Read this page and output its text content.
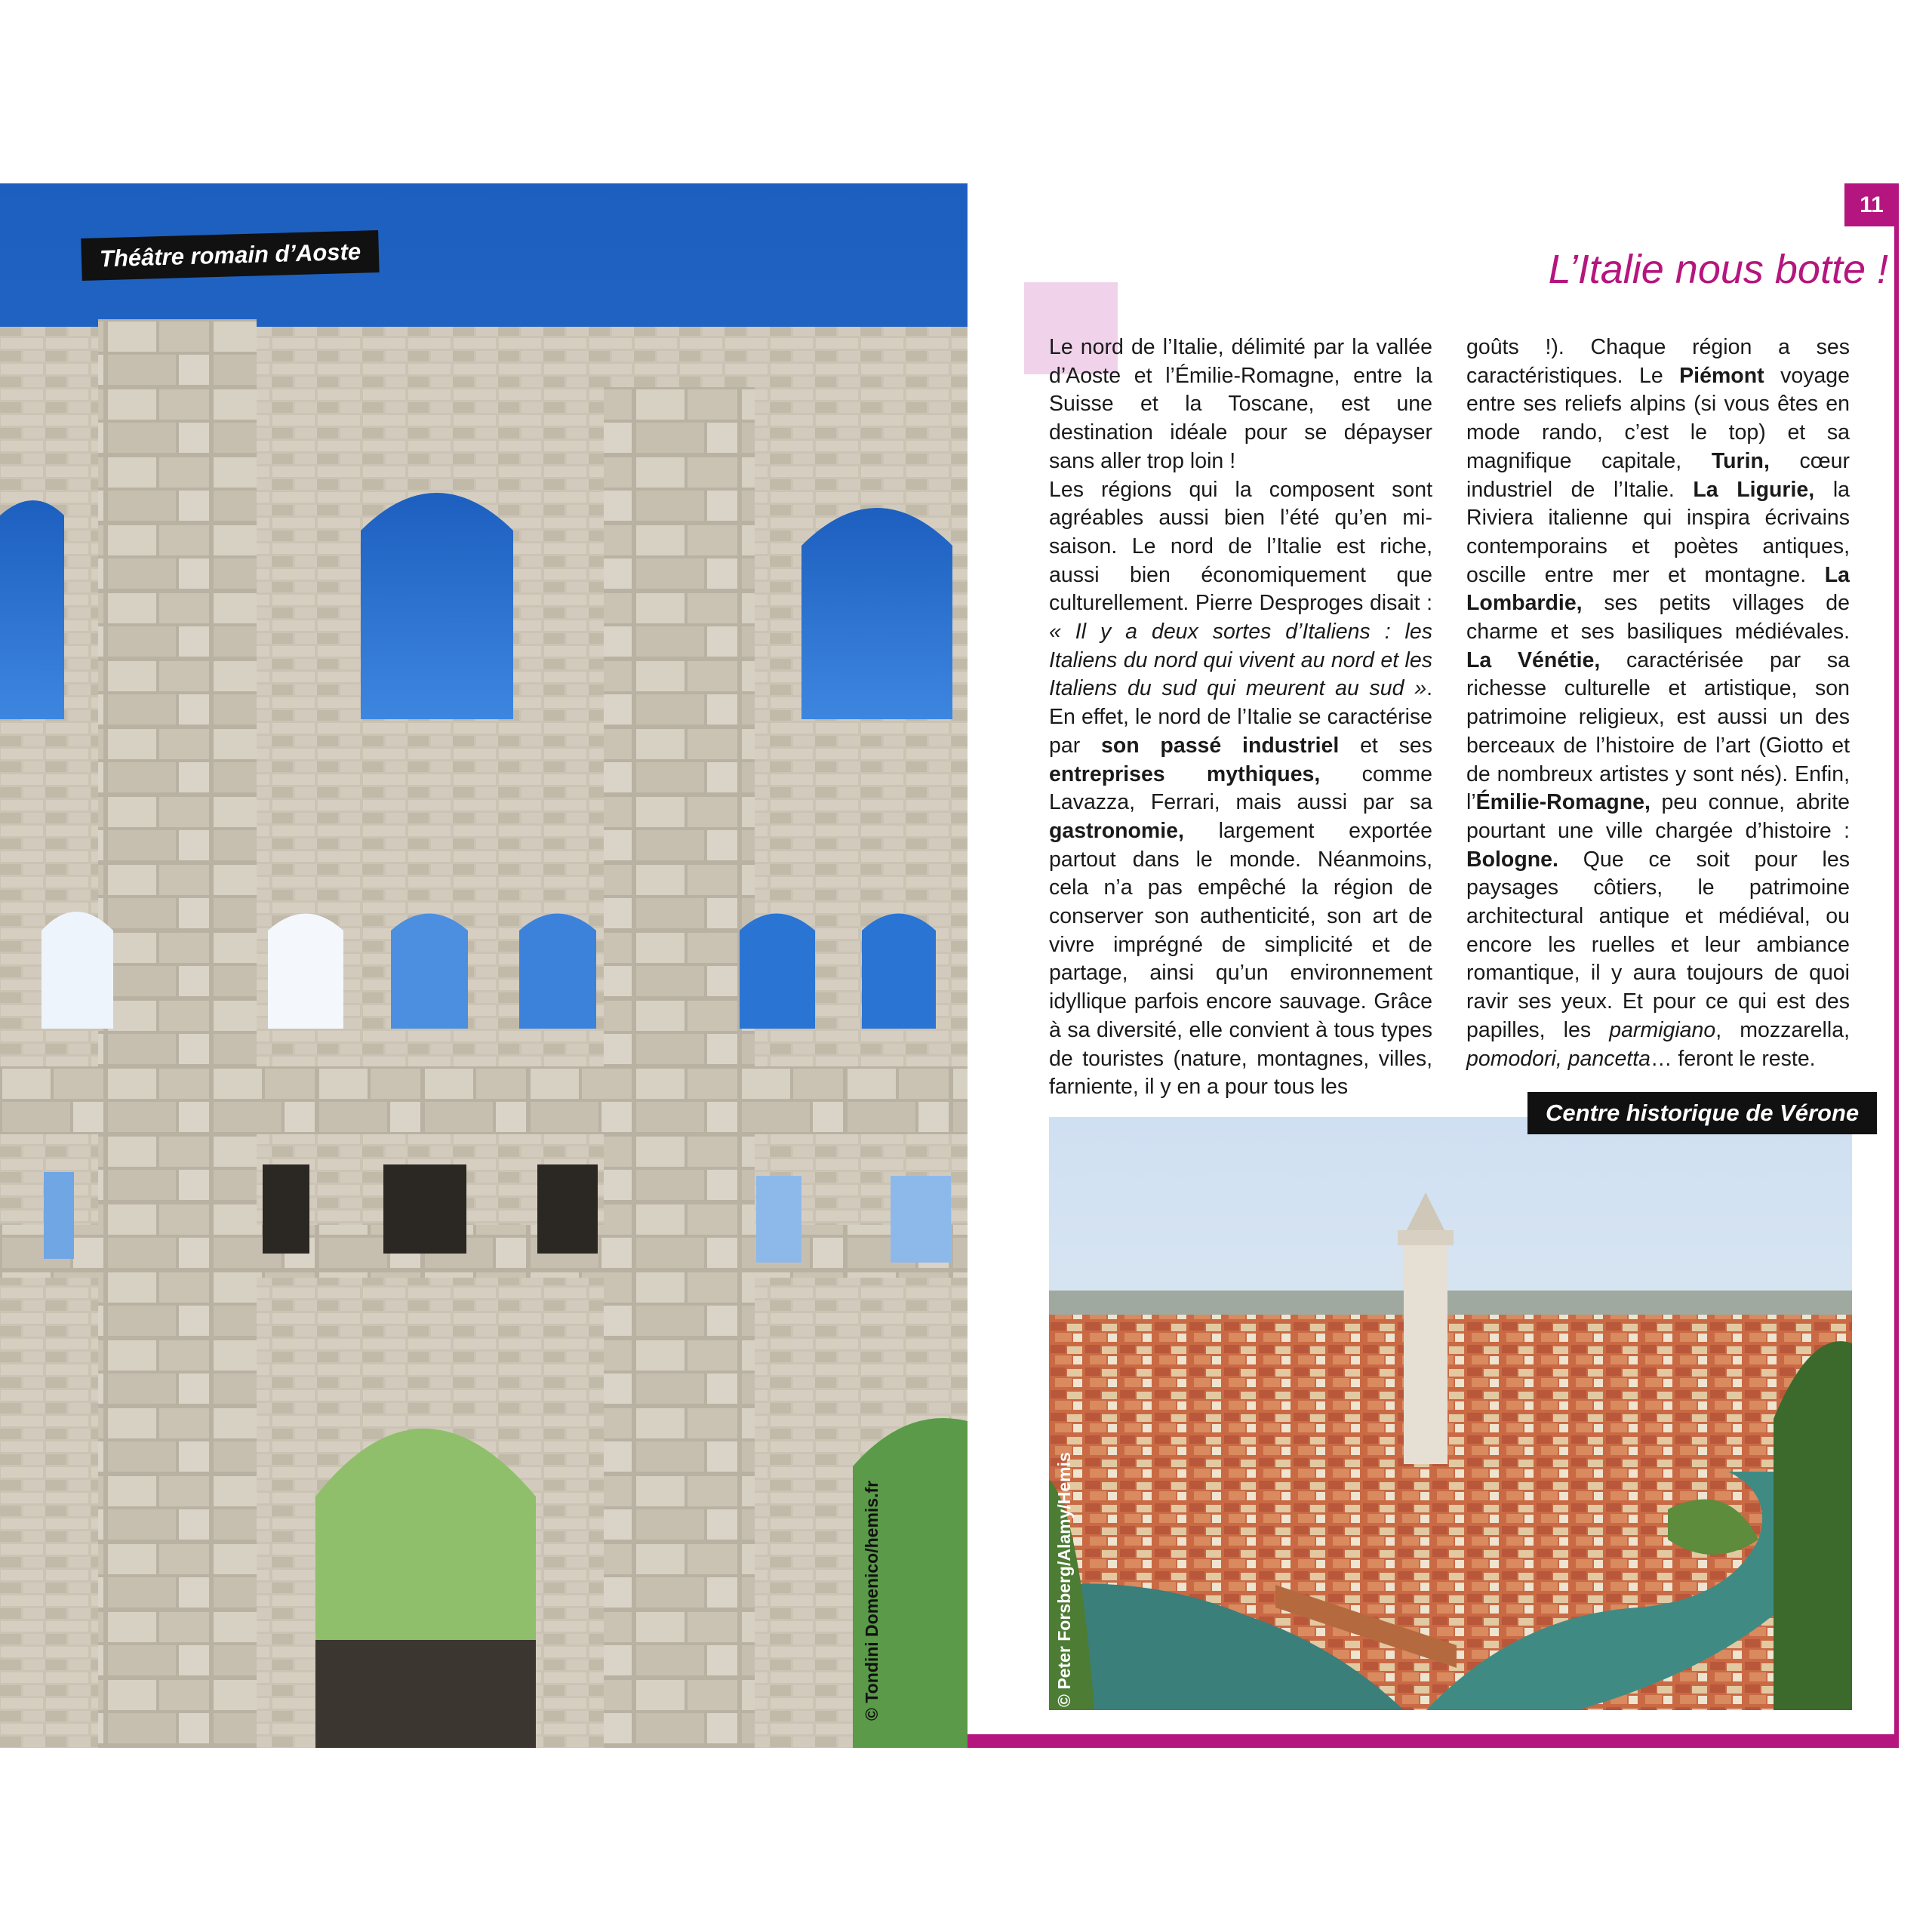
Théâtre romain d’Aoste
© Tondini Domenico/hemis.fr
11
L’Italie nous botte !

Le nord de l’Italie, délimité par la vallée d’Aoste et l’Émilie-Romagne, entre la Suisse et la Toscane, est une destination idéale pour se dépayser sans aller trop loin !
Les régions qui la composent sont agréables aussi bien l’été qu’en mi-saison. Le nord de l’Italie est riche, aussi bien économiquement que culturellement. Pierre Desproges disait : « Il y a deux sortes d’Italiens : les Italiens du nord qui vivent au nord et les Italiens du sud qui meurent au sud ». En effet, le nord de l’Italie se caractérise par son passé industriel et ses entreprises mythiques, comme Lavazza, Ferrari, mais aussi par sa gastronomie, largement exportée partout dans le monde. Néanmoins, cela n’a pas empêché la région de conserver son authenticité, son art de vivre imprégné de simplicité et de partage, ainsi qu’un environnement idyllique parfois encore sauvage. Grâce à sa diversité, elle convient à tous types de touristes (nature, montagnes, villes, farniente, il y en a pour tous les

goûts !). Chaque région a ses caractéristiques. Le Piémont voyage entre ses reliefs alpins (si vous êtes en mode rando, c’est le top) et sa magnifique capitale, Turin, cœur industriel de l’Italie. La Ligurie, la Riviera italienne qui inspira écrivains contemporains et poètes antiques, oscille entre mer et montagne. La Lombardie, ses petits villages de charme et ses basiliques médiévales. La Vénétie, caractérisée par sa richesse culturelle et artistique, son patrimoine religieux, est aussi un des berceaux de l’histoire de l’art (Giotto et de nombreux artistes y sont nés). Enfin, l’Émilie-Romagne, peu connue, abrite pourtant une ville chargée d’histoire : Bologne. Que ce soit pour les paysages côtiers, le patrimoine architectural antique et médiéval, ou encore les ruelles et leur ambiance romantique, il y aura toujours de quoi ravir ses yeux. Et pour ce qui est des papilles, les parmigiano, mozzarella, pomodori, pancetta… feront le reste.

Centre historique de Vérone
© Peter Forsberg/Alamy/Hemis
